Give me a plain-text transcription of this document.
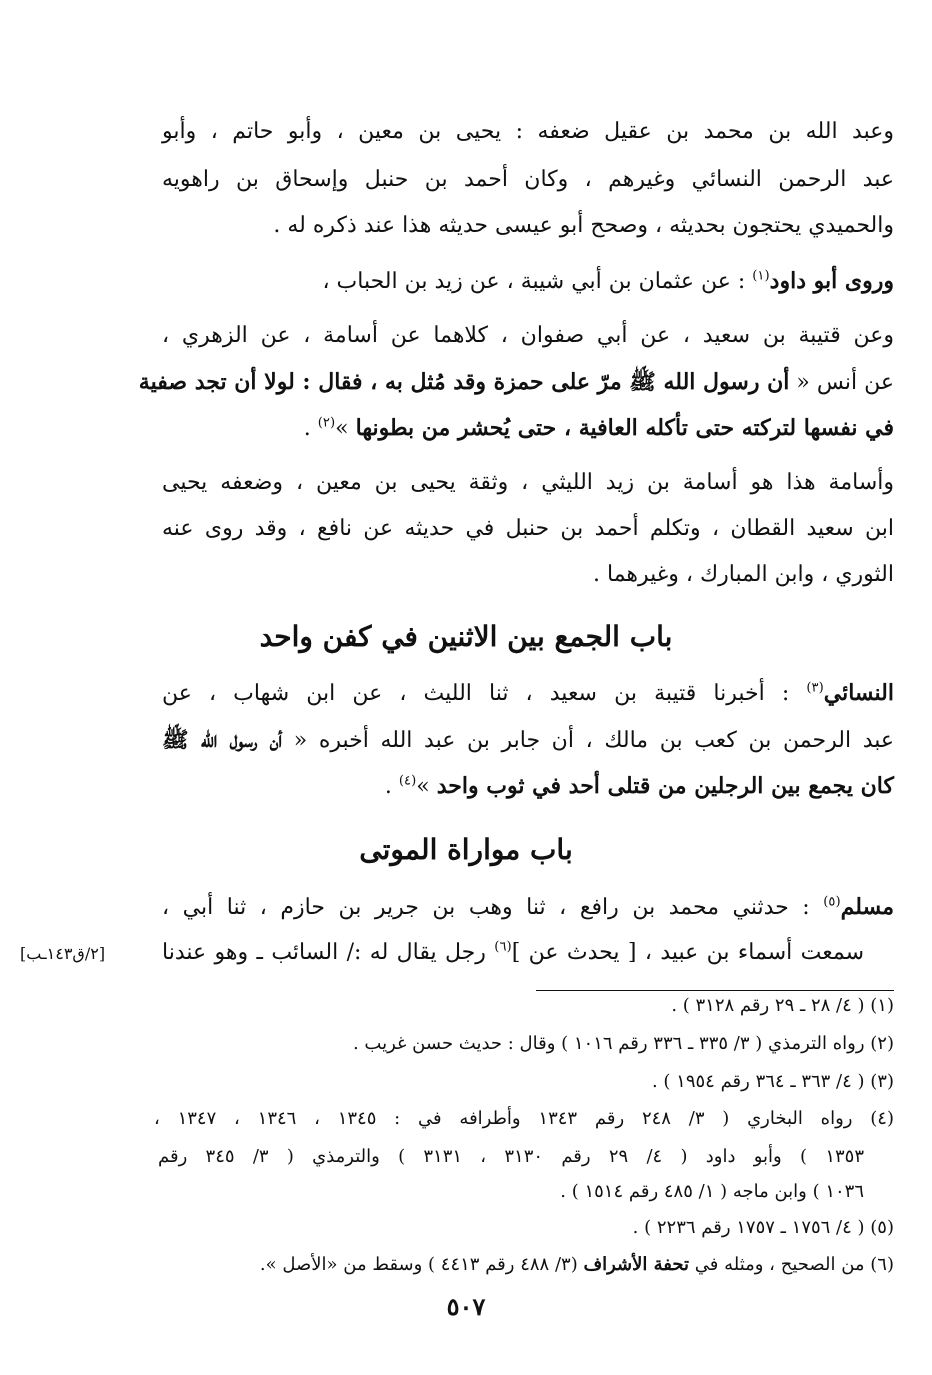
وعبد الله بن محمد بن عقيل ضعفه : يحيى بن معين ، وأبو حاتم ، وأبو
عبد الرحمن النسائي وغيرهم ، وكان أحمد بن حنبل وإسحاق بن راهويه
والحميدي يحتجون بحديثه ، وصحح أبو عيسى حديثه هذا عند ذكره له .
وروى أبو داود$^{(١)}$ : عن عثمان بن أبي شيبة ، عن زيد بن الحباب ،
وعن قتيبة بن سعيد ، عن أبي صفوان ، كلاهما عن أسامة ، عن الزهري ،
عن أنس « أن رسول الله ﷺ مرّ على حمزة وقد مُثل به ، فقال : لولا أن تجد صفية
في نفسها لتركته حتى تأكله العافية ، حتى يُحشر من بطونها »$^{(٢)}$ .
وأسامة هذا هو أسامة بن زيد الليثي ، وثقة يحيى بن معين ، وضعفه يحيى
ابن سعيد القطان ، وتكلم أحمد بن حنبل في حديثه عن نافع ، وقد روى عنه
الثوري ، وابن المبارك ، وغيرهما .
باب الجمع بين الاثنين في كفن واحد
النسائي$^{(٣)}$ : أخبرنا قتيبة بن سعيد ، ثنا الليث ، عن ابن شهاب ، عن
عبد الرحمن بن كعب بن مالك ، أن جابر بن عبد الله أخبره « أن رسول الله ﷺ
كان يجمع بين الرجلين من قتلى أحد في ثوب واحد »$^{(٤)}$ .
باب مواراة الموتى
مسلم$^{(٥)}$ : حدثني محمد بن رافع ، ثنا وهب بن جرير بن حازم ، ثنا أبي ،
سمعت أسماء بن عبيد ، [ يحدث عن ]$^{(٦)}$ رجل يقال له :/ السائب ـ وهو عندنا
[٢/ق١٤٣ـب]
(١) ( ٤/ ٢٨ ـ ٢٩ رقم ٣١٢٨ ) .
(٢) رواه الترمذي ( ٣/ ٣٣٥ ـ ٣٣٦ رقم ١٠١٦ ) وقال : حديث حسن غريب .
(٣) ( ٤/ ٣٦٣ ـ ٣٦٤ رقم ١٩٥٤ ) .
(٤) رواه البخاري ( ٣/ ٢٤٨ رقم ١٣٤٣ وأطرافه في : ١٣٤٥ ، ١٣٤٦ ، ١٣٤٧ ،
١٣٥٣ ) وأبو داود ( ٤/ ٢٩ رقم ٣١٣٠ ، ٣١٣١ ) والترمذي ( ٣/ ٣٤٥ رقم
١٠٣٦ ) وابن ماجه ( ١/ ٤٨٥ رقم ١٥١٤ ) .
(٥) ( ٤/ ١٧٥٦ ـ ١٧٥٧ رقم ٢٢٣٦ ) .
(٦) من الصحيح ، ومثله في تحفة الأشراف (٣/ ٤٨٨ رقم ٤٤١٣ ) وسقط من «الأصل ».
٥٠٧
